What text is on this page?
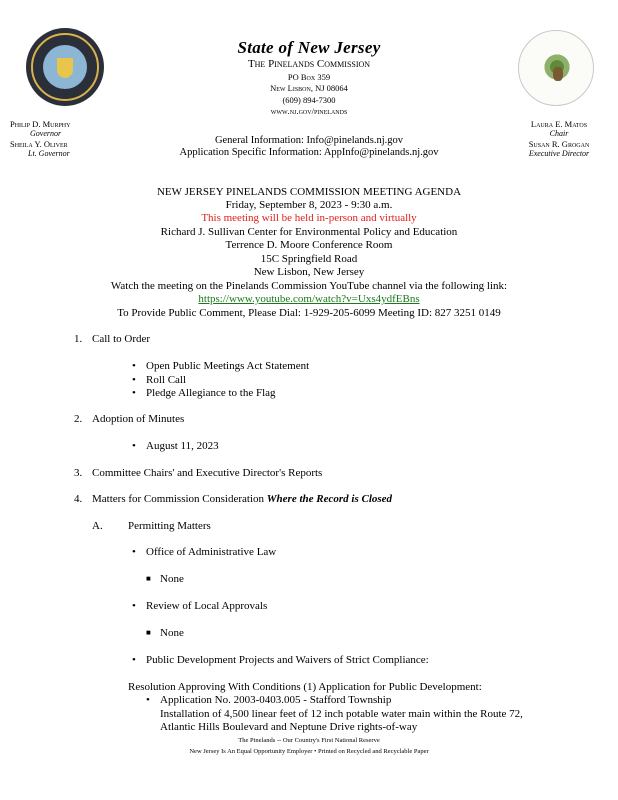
State of New Jersey
The Pinelands Commission
PO Box 359
New Lisbon, NJ 08064
(609) 894-7300
www.nj.gov/pinelands
Philip D. Murphy
Governor
Sheila Y. Oliver
Lt. Governor
Laura E. Matos
Chair
Susan R. Grogan
Executive Director
General Information: Info@pinelands.nj.gov
Application Specific Information: AppInfo@pinelands.nj.gov
NEW JERSEY PINELANDS COMMISSION MEETING AGENDA
Friday, September 8, 2023 - 9:30 a.m.
This meeting will be held in-person and virtually
Richard J. Sullivan Center for Environmental Policy and Education
Terrence D. Moore Conference Room
15C Springfield Road
New Lisbon, New Jersey
Watch the meeting on the Pinelands Commission YouTube channel via the following link:
https://www.youtube.com/watch?v=Uxs4ydfEBns
To Provide Public Comment, Please Dial: 1-929-205-6099 Meeting ID: 827 3251 0149
1. Call to Order
• Open Public Meetings Act Statement
• Roll Call
• Pledge Allegiance to the Flag
2. Adoption of Minutes
• August 11, 2023
3. Committee Chairs' and Executive Director's Reports
4. Matters for Commission Consideration Where the Record is Closed
A. Permitting Matters
• Office of Administrative Law
■ None
• Review of Local Approvals
■ None
• Public Development Projects and Waivers of Strict Compliance:
Resolution Approving With Conditions (1) Application for Public Development:
• Application No. 2003-0403.005 - Stafford Township
Installation of 4,500 linear feet of 12 inch potable water main within the Route 72,
Atlantic Hills Boulevard and Neptune Drive rights-of-way
The Pinelands -- Our Country's First National Reserve
New Jersey Is An Equal Opportunity Employer • Printed on Recycled and Recyclable Paper
